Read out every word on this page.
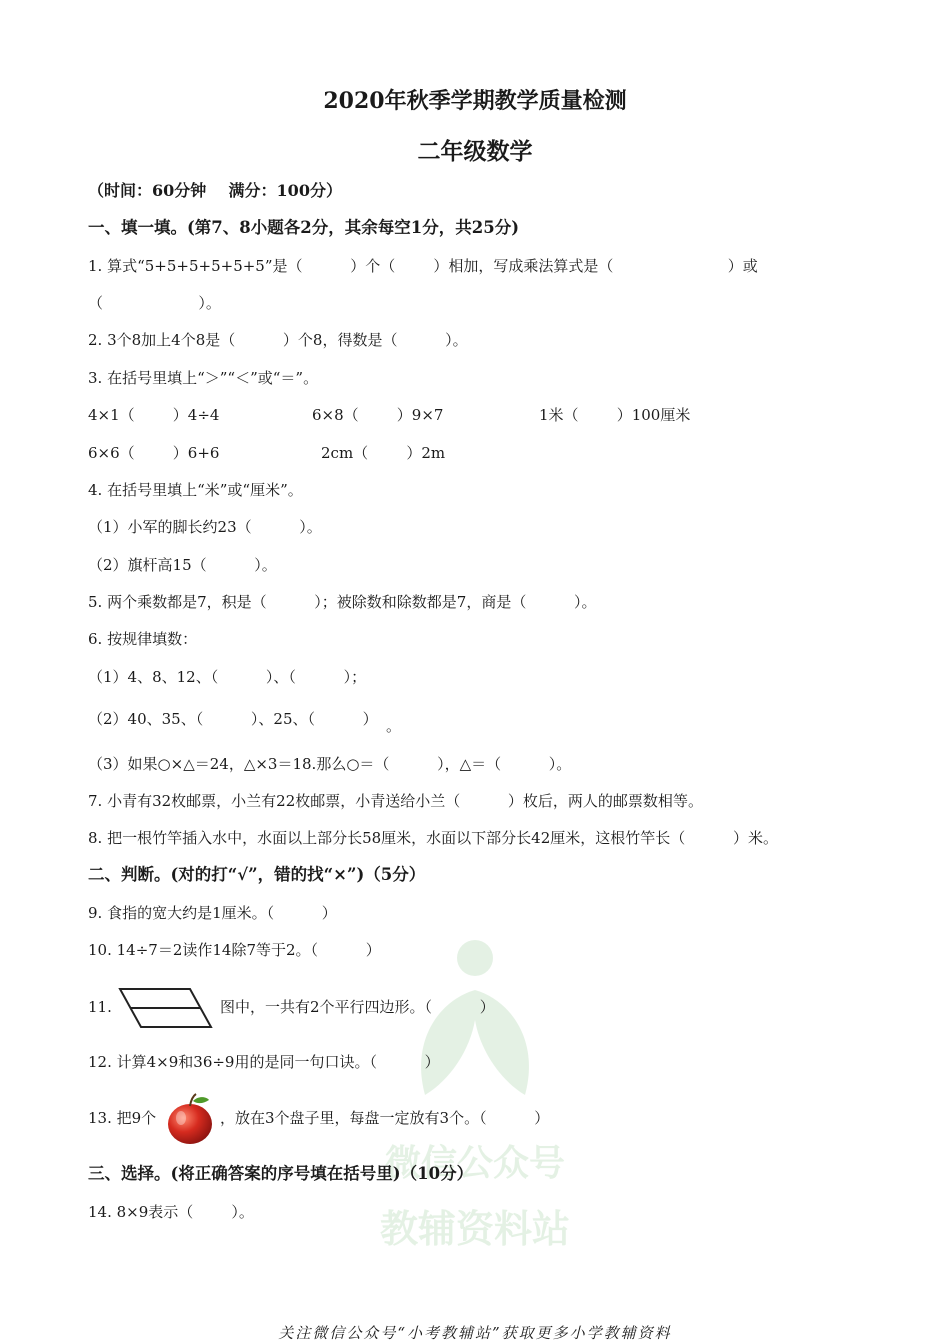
微信公众号
教辅资料站
2020年秋季学期教学质量检测
二年级数学
（时间：60分钟    满分：100分）
一、填一填。(第7、8小题各2分，其余每空1分，共25分)
1. 算式“5+5+5+5+5+5”是（          ）个（        ）相加，写成乘法算式是（                        ）或
（                    ）。
2. 3个8加上4个8是（          ）个8，得数是（          ）。
3. 在括号里填上“＞”“＜”或“＝”。
4×1（        ）4÷4	6×8（        ）9×7	1米（        ）100厘米
6×6（        ）6+6	2cm（        ）2m
4. 在括号里填上“米”或“厘米”。
（1）小军的脚长约23（          ）。
（2）旗杆高15（          ）。
5. 两个乘数都是7，积是（          ）；被除数和除数都是7，商是（          ）。
6. 按规律填数：
（1）4、8、12、（          ）、（          ）；
（2）40、35、（          ）、25、（          ） 。
（3）如果○×△＝24，△×3＝18.那么○＝（          ），△＝（          ）。
7. 小青有32枚邮票，小兰有22枚邮票，小青送给小兰（          ）枚后，两人的邮票数相等。
8. 把一根竹竿插入水中，水面以上部分长58厘米，水面以下部分长42厘米，这根竹竿长（          ）米。
二、判断。(对的打“√”，错的找“×”)（5分）
9. 食指的宽大约是1厘米。（          ）
10. 14÷7＝2读作14除7等于2。（          ）
11.	图中，一共有2个平行四边形。（          ）
12. 计算4×9和36÷9用的是同一句口诀。（          ）
13. 把9个	，放在3个盘子里，每盘一定放有3个。（          ）
三、选择。(将正确答案的序号填在括号里)（10分）
14. 8×9表示（        ）。
关注微信公众号“小考教辅站”获取更多小学教辅资料
